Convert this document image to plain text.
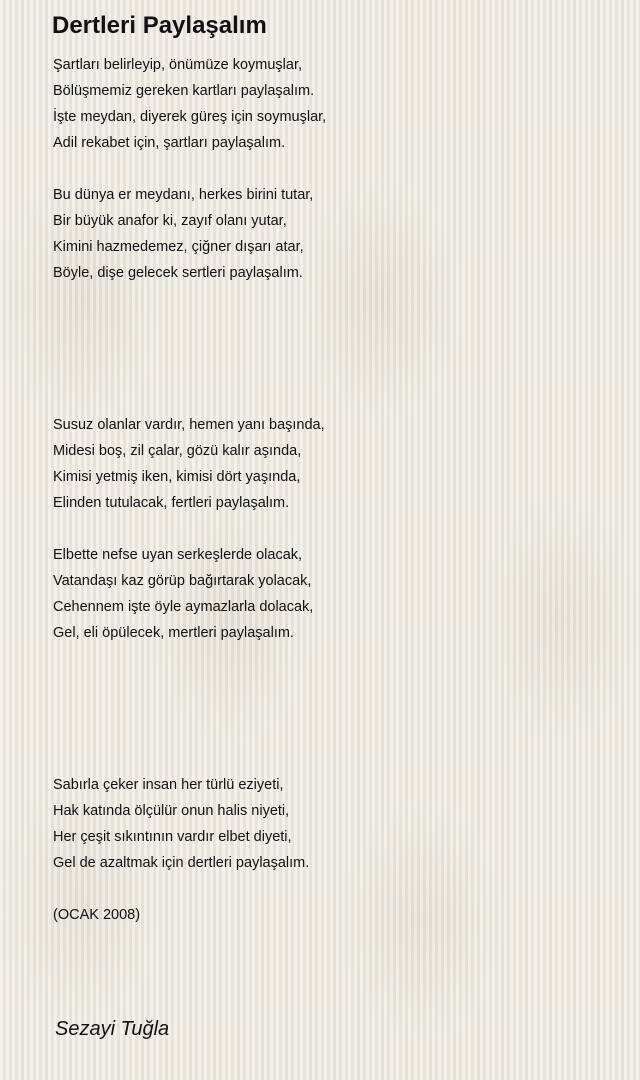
Dertleri Paylaşalım
Şartları belirleyip, önümüze koymuşlar,
Bölüşmemiz gereken kartları paylaşalım.
İşte meydan, diyerek güreş için soymuşlar,
Adil rekabet için, şartları paylaşalım.
Bu dünya er meydanı, herkes birini tutar,
Bir büyük anafor ki, zayıf olanı yutar,
Kimini hazmedemez, çiğner dışarı atar,
Böyle, dişe gelecek sertleri paylaşalım.
Susuz olanlar vardır, hemen yanı başında,
Midesi boş, zil çalar, gözü kalır aşında,
Kimisi yetmiş iken, kimisi dört yaşında,
Elinden tutulacak, fertleri paylaşalım.
Elbette nefse uyan serkeşlerde olacak,
Vatandaşı kaz görüp bağırtarak yolacak,
Cehennem işte öyle aymazlarla dolacak,
Gel, eli öpülecek, mertleri paylaşalım.
Sabırla çeker insan her türlü eziyeti,
Hak katında ölçülür onun halis niyeti,
Her çeşit sıkıntının vardır elbet diyeti,
Gel de azaltmak için dertleri paylaşalım.
(OCAK 2008)
Sezayi Tuğla
